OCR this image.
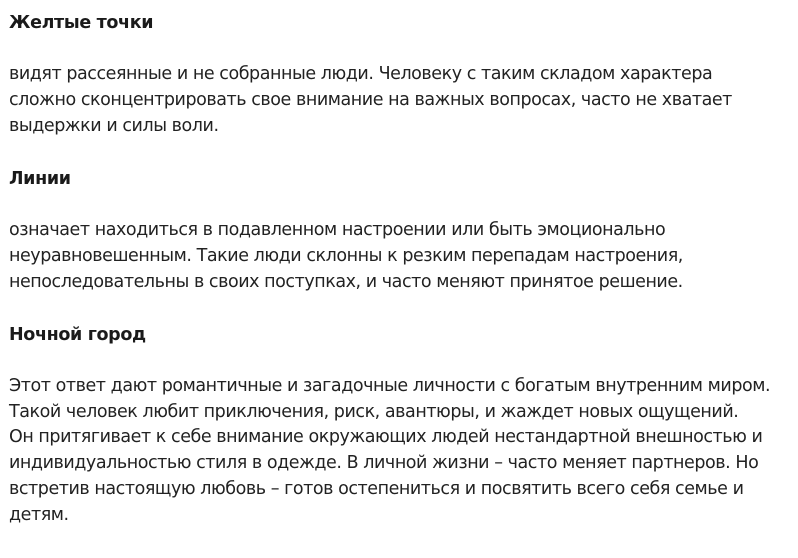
Желтые точки

видят рассеянные и не собранные люди. Человеку с таким складом характера
сложно сконцентрировать свое внимание на важных вопросах, часто не хватает
выдержки и силы воли.

Линии

означает находиться в подавленном настроении или быть эмоционально
неуравновешенным. Такие люди склонны к резким перепадам настроения,
непоследовательны в своих поступках, и часто меняют принятое решение.

Ночной город

Этот ответ дают романтичные и загадочные личности с богатым внутренним миром.
Такой человек любит приключения, риск, авантюры, и жаждет новых ощущений.
Он притягивает к себе внимание окружающих людей нестандартной внешностью и
индивидуальностью стиля в одежде. В личной жизни – часто меняет партнеров. Но
встретив настоящую любовь – готов остепениться и посвятить всего себя семье и
детям.
